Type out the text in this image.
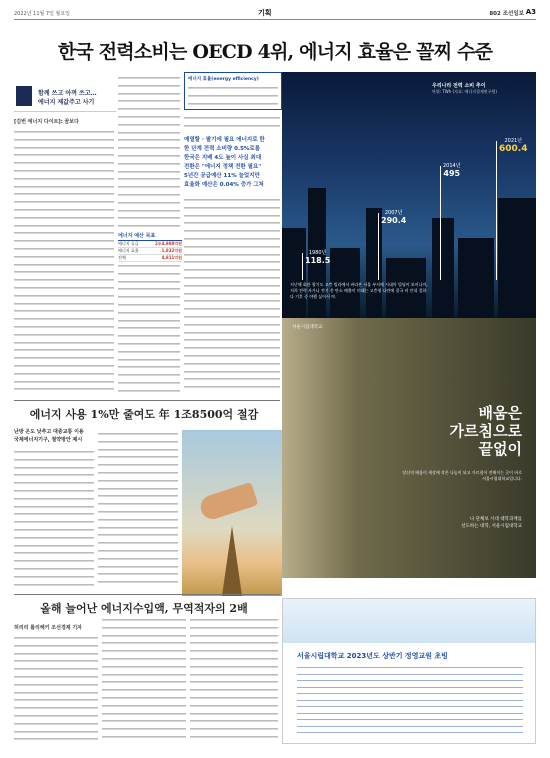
2022년 11월 7일 월요일	기획	802 조선일보 A3
한국 전력소비는 OECD 4위, 에너지 효율은 꼴찌 수준
함께 쓰고 아껴 쓰고…
에너지 제값주고 사기
[김번 에너지 다이트]: 꿈보다
에너지 효율(energy efficiency)
예열할 · 팔기에 필요 에너지로 한
한 단계 전력 소비량 0.5%로를
한국은 지배 4도 높이 사실 최대
전환은 "에너지 정책 전환 필요"
5년간 공급예산 11% 늘었지만
효율화 예산은 0.04% 증가 그쳐
에너지 예산 목표
에너지 공급	2조4,988억원
에너지 효율	1,832억원
전체	4,811억원
우리나라 전력 소비 추이
단위: TWh (자료: 에너지경제연구원)
지난해 회관 광기도 고층 빌라에서 바라본 서울 부지에 시네마 빌딩이 보이나까, 저희 전력 자가나 전기 총 탄소 배출이 미래는 고층형 나란에 결국 비 안내 절하다 기후 중 야했 싶어서 야.
1980년
118.5
2007년
290.4
2014년
495
2021년
600.4
에너지 사용 1%만 줄여도 年 1조8500억 절감
난방 온도 낮추고 대중교통 이용
국제에너지기구, 절약방안 제시
서울시립대학교
배움은
가르침으로
끝없이
당신의 배움이 세상에 작은 나눔이 되고 가르침이 전해지는 곳이 바로 서울시립대학교입니다.
나 단체보 시대 대학과계를
선도하는 대학, 서울시립대학교
올해 늘어난 에너지수입액, 무역적자의 2배
허리리 롤리해키 조선경제 기자
서울시립대학교 2023년도 상반기 정영교원 초빙
